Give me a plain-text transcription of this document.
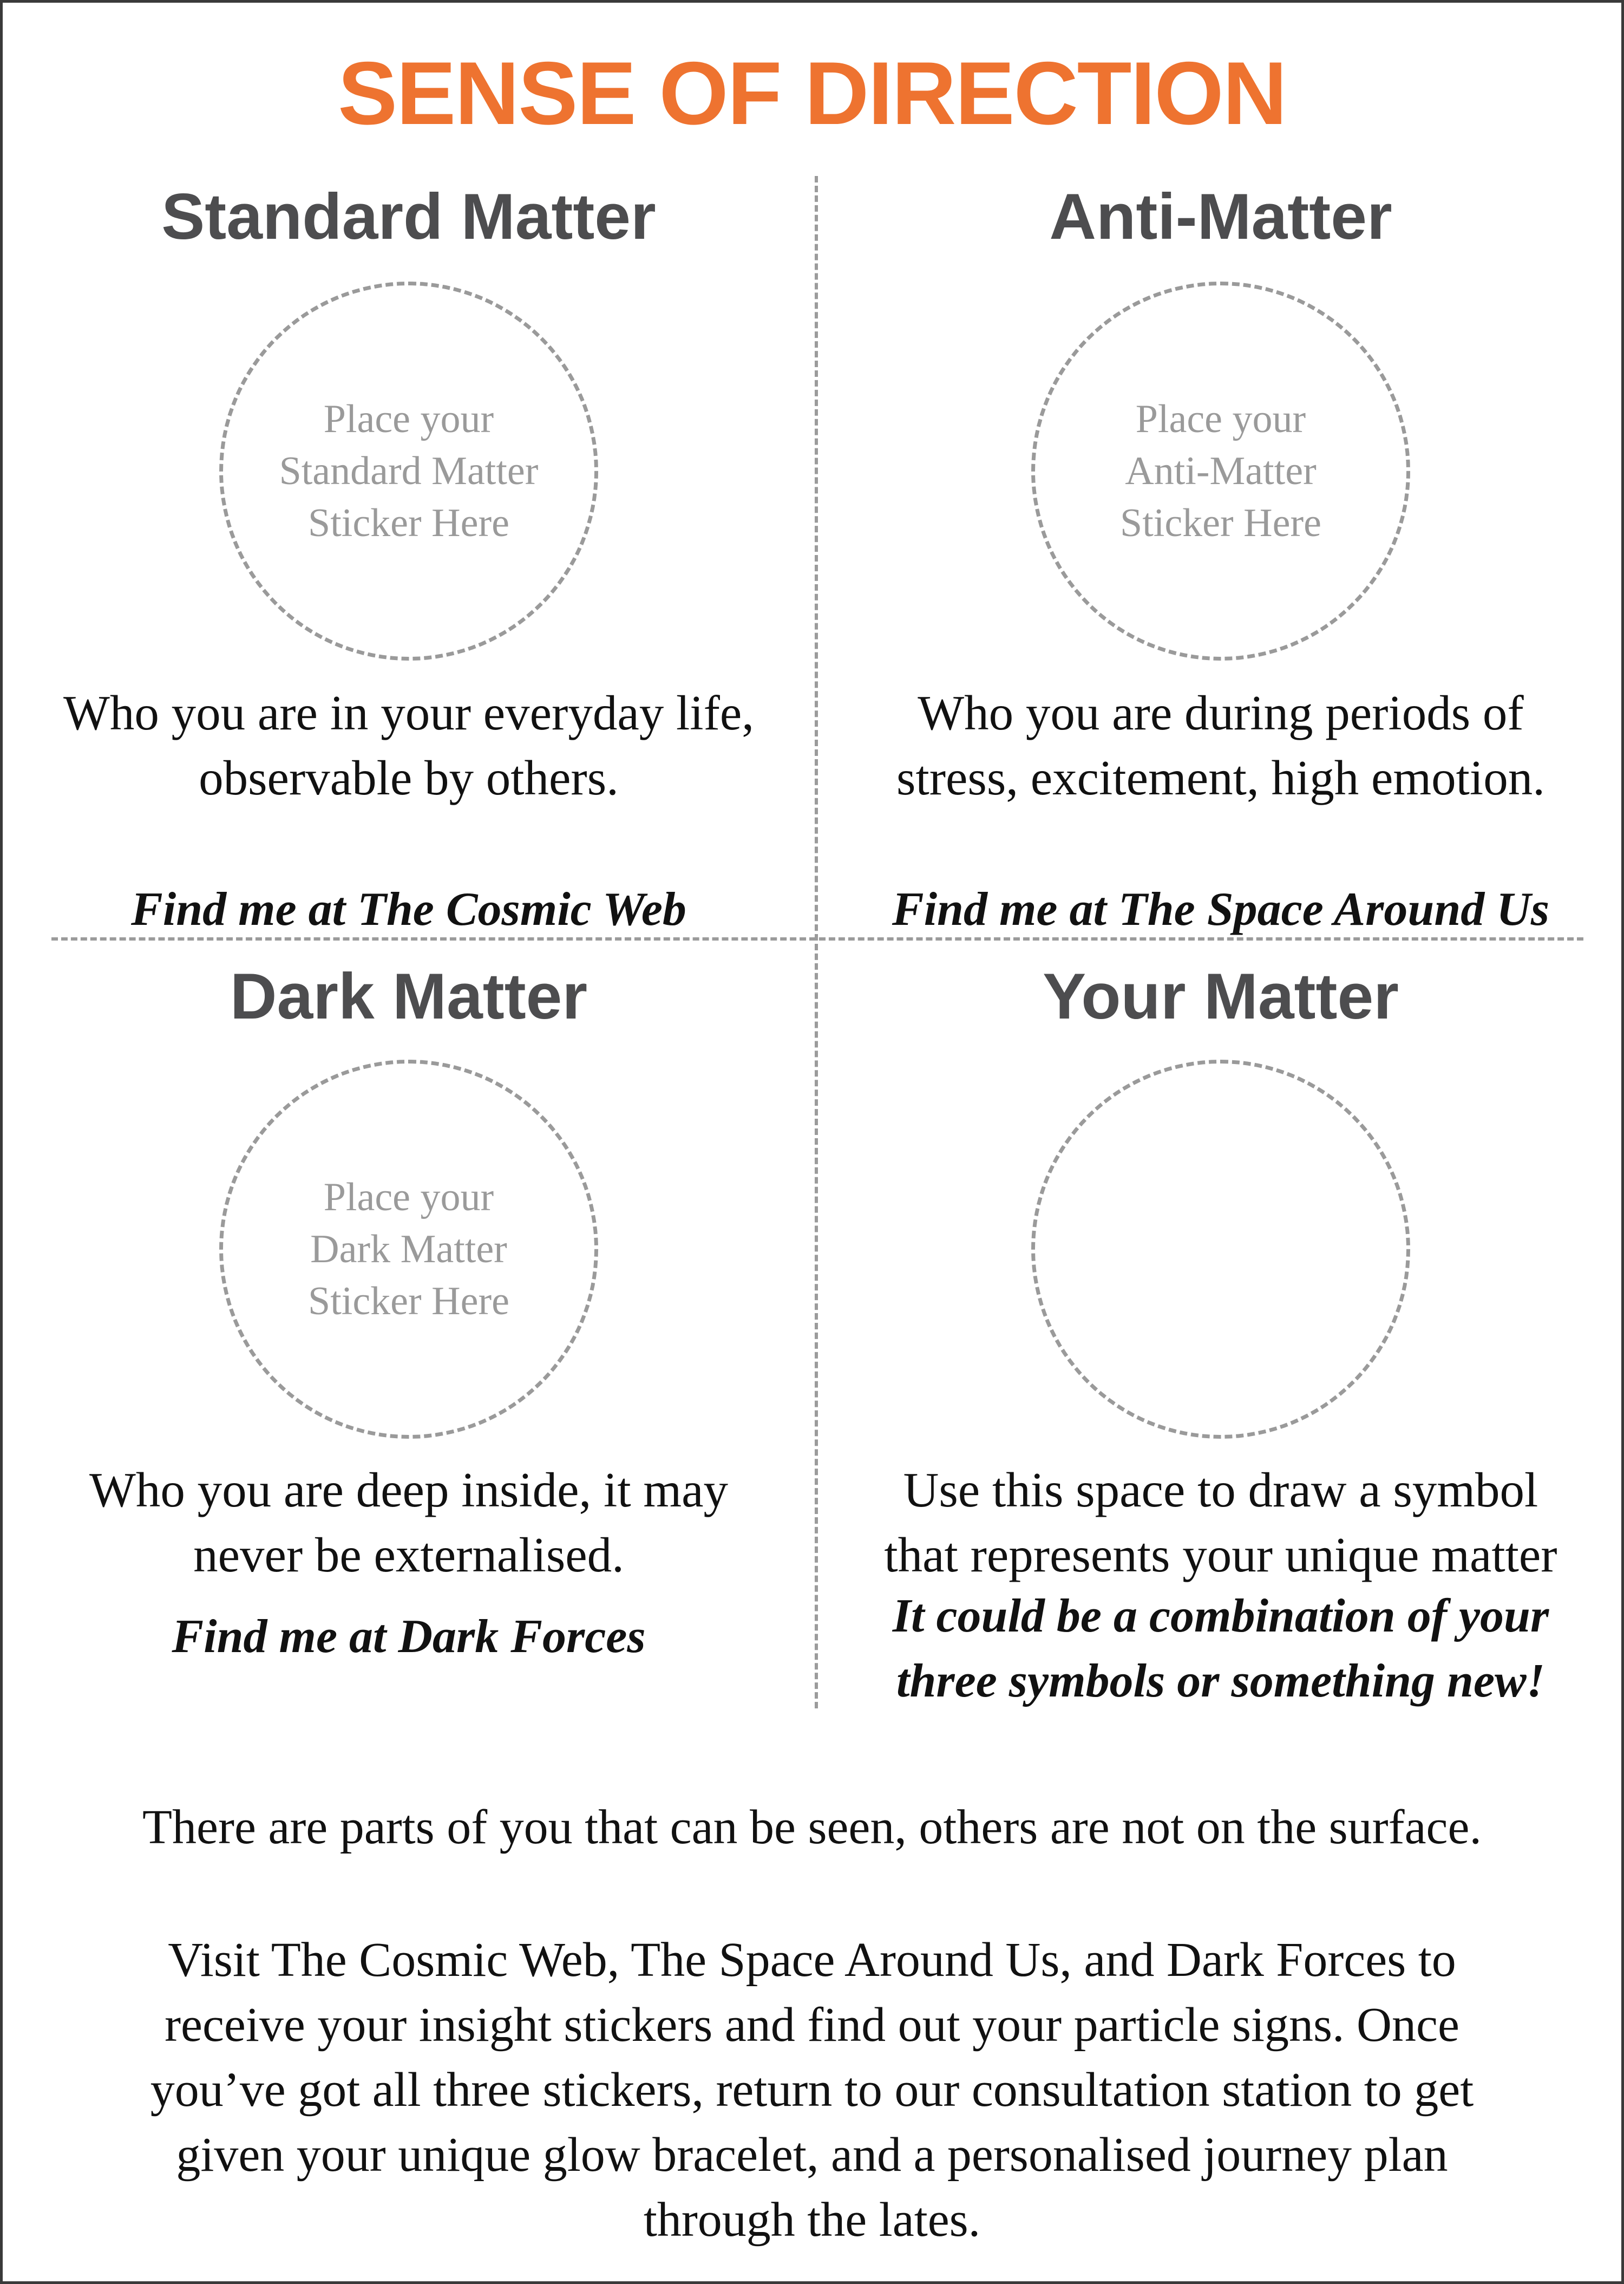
SENSE OF DIRECTION
Standard Matter
Place your
Standard Matter
Sticker Here
Who you are in your everyday life,
observable by others.
Find me at The Cosmic Web
Anti-Matter
Place your
Anti-Matter
Sticker Here
Who you are during periods of
stress, excitement, high emotion.
Find me at The Space Around Us
Dark Matter
Place your
Dark Matter
Sticker Here
Who you are deep inside, it may
never be externalised.
Find me at Dark Forces
Your Matter
Use this space to draw a symbol
that represents your unique matter
It could be a combination of your
three symbols or something new!
There are parts of you that can be seen, others are not on the surface.
Visit The Cosmic Web, The Space Around Us, and Dark Forces to
receive your insight stickers and find out your particle signs. Once
you’ve got all three stickers, return to our consultation station to get
given your unique glow bracelet, and a personalised journey plan
through the lates.
